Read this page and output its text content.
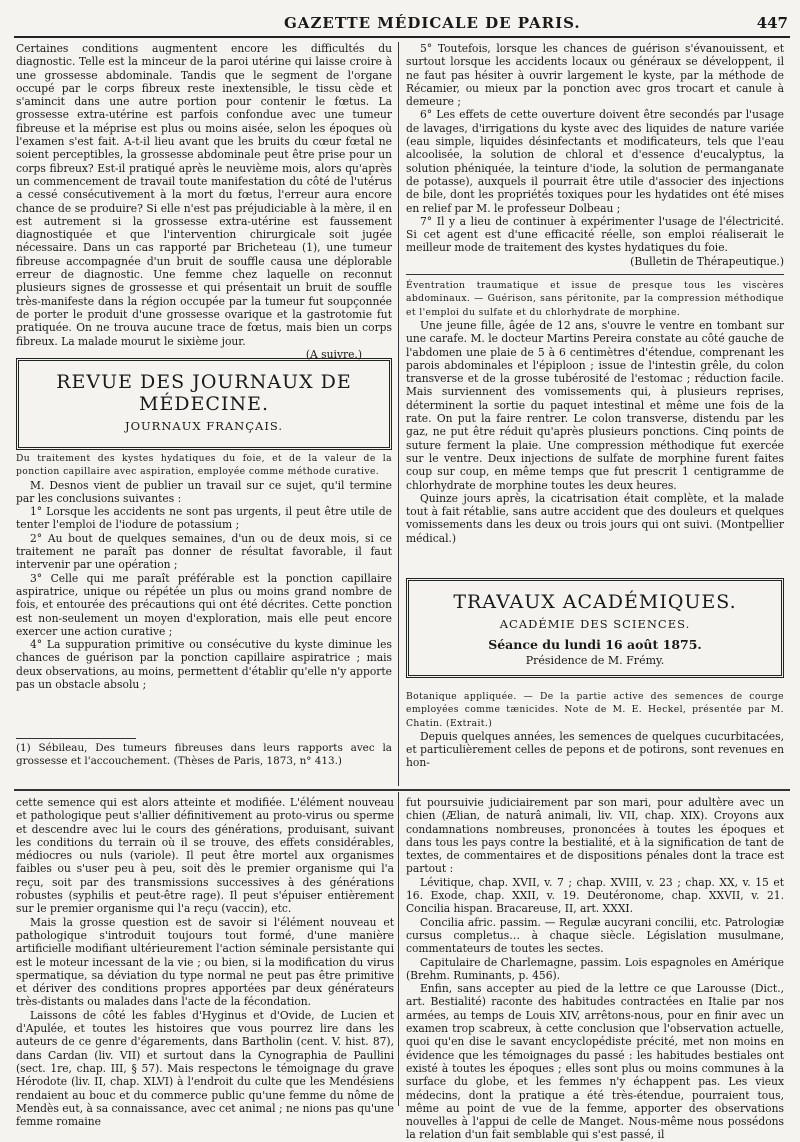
GAZETTE MÉDICALE DE PARIS.	447

Certaines conditions augmentent encore les difficultés du diagnostic. Telle est la minceur de la paroi utérine qui laisse croire à une grossesse abdominale. Tandis que le segment de l'organe occupé par le corps fibreux reste inextensible, le tissu cède et s'amincit dans une autre portion pour contenir le fœtus. La grossesse extra-utérine est parfois confondue avec une tumeur fibreuse et la méprise est plus ou moins aisée, selon les époques où l'examen s'est fait. A-t-il lieu avant que les bruits du cœur fœtal ne soient perceptibles, la grossesse abdominale peut être prise pour un corps fibreux? Est-il pratiqué après le neuvième mois, alors qu'après un commencement de travail toute manifestation du côté de l'utérus a cessé consécutivement à la mort du fœtus, l'erreur aura encore chance de se produire? Si elle n'est pas préjudiciable à la mère, il en est autrement si la grossesse extra-utérine est faussement diagnostiquée et que l'intervention chirurgicale soit jugée nécessaire. Dans un cas rapporté par Bricheteau (1), une tumeur fibreuse accompagnée d'un bruit de souffle causa une déplorable erreur de diagnostic. Une femme chez laquelle on reconnut plusieurs signes de grossesse et qui présentait un bruit de souffle très-manifeste dans la région occupée par la tumeur fut soupçonnée de porter le produit d'une grossesse ovarique et la gastrotomie fut pratiquée. On ne trouva aucune trace de fœtus, mais bien un corps fibreux. La malade mourut le sixième jour.

(A suivre.)

REVUE DES JOURNAUX DE MÉDECINE.
JOURNAUX FRANÇAIS.

Du traitement des kystes hydatiques du foie, et de la valeur de la ponction capillaire avec aspiration, employée comme méthode curative.

M. Desnos vient de publier un travail sur ce sujet, qu'il termine par les conclusions suivantes :

1° Lorsque les accidents ne sont pas urgents, il peut être utile de tenter l'emploi de l'iodure de potassium ;

2° Au bout de quelques semaines, d'un ou de deux mois, si ce traitement ne paraît pas donner de résultat favorable, il faut intervenir par une opération ;

3° Celle qui me paraît préférable est la ponction capillaire aspiratrice, unique ou répétée un plus ou moins grand nombre de fois, et entourée des précautions qui ont été décrites. Cette ponction est non-seulement un moyen d'exploration, mais elle peut encore exercer une action curative ;

4° La suppuration primitive ou consécutive du kyste diminue les chances de guérison par la ponction capillaire aspiratrice ; mais deux observations, au moins, permettent d'établir qu'elle n'y apporte pas un obstacle absolu ;

(1) Sébileau, Des tumeurs fibreuses dans leurs rapports avec la grossesse et l'accouchement. (Thèses de Paris, 1873, n° 413.)

5° Toutefois, lorsque les chances de guérison s'évanouissent, et surtout lorsque les accidents locaux ou généraux se développent, il ne faut pas hésiter à ouvrir largement le kyste, par la méthode de Récamier, ou mieux par la ponction avec gros trocart et canule à demeure ;

6° Les effets de cette ouverture doivent être secondés par l'usage de lavages, d'irrigations du kyste avec des liquides de nature variée (eau simple, liquides désinfectants et modificateurs, tels que l'eau alcoolisée, la solution de chloral et d'essence d'eucalyptus, la solution phéniquée, la teinture d'iode, la solution de permanganate de potasse), auxquels il pourrait être utile d'associer des injections de bile, dont les propriétés toxiques pour les hydatides ont été mises en relief par M. le professeur Dolbeau ;

7° Il y a lieu de continuer à expérimenter l'usage de l'électricité. Si cet agent est d'une efficacité réelle, son emploi réaliserait le meilleur mode de traitement des kystes hydatiques du foie.

(Bulletin de Thérapeutique.)

Éventration traumatique et issue de presque tous les viscères abdominaux. — Guérison, sans péritonite, par la compression méthodique et l'emploi du sulfate et du chlorhydrate de morphine.

Une jeune fille, âgée de 12 ans, s'ouvre le ventre en tombant sur une carafe. M. le docteur Martins Pereira constate au côté gauche de l'abdomen une plaie de 5 à 6 centimètres d'étendue, comprenant les parois abdominales et l'épiploon ; issue de l'intestin grêle, du colon transverse et de la grosse tubérosité de l'estomac ; réduction facile. Mais surviennent des vomissements qui, à plusieurs reprises, déterminent la sortie du paquet intestinal et même une fois de la rate. On put la faire rentrer. Le colon transverse, distendu par les gaz, ne put être réduit qu'après plusieurs ponctions. Cinq points de suture ferment la plaie. Une compression méthodique fut exercée sur le ventre. Deux injections de sulfate de morphine furent faites coup sur coup, en même temps que fut prescrit 1 centigramme de chlorhydrate de morphine toutes les deux heures.

Quinze jours après, la cicatrisation était complète, et la malade tout à fait rétablie, sans autre accident que des douleurs et quelques vomissements dans les deux ou trois jours qui ont suivi. (Montpellier médical.)

TRAVAUX ACADÉMIQUES.
ACADÉMIE DES SCIENCES.
Séance du lundi 16 août 1875.
Présidence de M. Frémy.

Botanique appliquée. — De la partie active des semences de courge employées comme tænicides. Note de M. E. Heckel, présentée par M. Chatin. (Extrait.)

Depuis quelques années, les semences de quelques cucurbitacées, et particulièrement celles de pepons et de potirons, sont revenues en hon-

cette semence qui est alors atteinte et modifiée. L'élément nouveau et pathologique peut s'allier définitivement au proto-virus ou sperme et descendre avec lui le cours des générations, produisant, suivant les conditions du terrain où il se trouve, des effets considérables, médiocres ou nuls (variole). Il peut être mortel aux organismes faibles ou s'user peu à peu, soit dès le premier organisme qui l'a reçu, soit par des transmissions successives à des générations robustes (syphilis et peut-être rage). Il peut s'épuiser entièrement sur le premier organisme qui l'a reçu (vaccin), etc.

Mais la grosse question est de savoir si l'élément nouveau et pathologique s'introduit toujours tout formé, d'une manière artificielle modifiant ultérieurement l'action séminale persistante qui est le moteur incessant de la vie ; ou bien, si la modification du virus spermatique, sa déviation du type normal ne peut pas être primitive et dériver des conditions propres apportées par deux générateurs très-distants ou malades dans l'acte de la fécondation.

Laissons de côté les fables d'Hyginus et d'Ovide, de Lucien et d'Apulée, et toutes les histoires que vous pourrez lire dans les auteurs de ce genre d'égarements, dans Bartholin (cent. V. hist. 87), dans Cardan (liv. VII) et surtout dans la Cynographia de Paullini (sect. 1re, chap. III, § 57). Mais respectons le témoignage du grave Hérodote (liv. II, chap. XLVI) à l'endroit du culte que les Mendésiens rendaient au bouc et du commerce public qu'une femme du nôme de Mendès eut, à sa connaissance, avec cet animal ; ne nions pas qu'une femme romaine

fut poursuivie judiciairement par son mari, pour adultère avec un chien (Ælian, de naturâ animali, liv. VII, chap. XIX). Croyons aux condamnations nombreuses, prononcées à toutes les époques et dans tous les pays contre la bestialité, et à la signification de tant de textes, de commentaires et de dispositions pénales dont la trace est partout :

Lévitique, chap. XVII, v. 7 ; chap. XVIII, v. 23 ; chap. XX, v. 15 et 16. Exode, chap. XXII, v. 19. Deutéronome, chap. XXVII, v. 21. Concilia hispan. Bracareuse, II, art. XXXI.

Concilia afric. passim. — Regulæ aucyrani concilii, etc. Patrologiæ cursus completus… à chaque siècle. Législation musulmane, commentateurs de toutes les sectes.

Capitulaire de Charlemagne, passim. Lois espagnoles en Amérique (Brehm. Ruminants, p. 456).

Enfin, sans accepter au pied de la lettre ce que Larousse (Dict., art. Bestialité) raconte des habitudes contractées en Italie par nos armées, au temps de Louis XIV, arrêtons-nous, pour en finir avec un examen trop scabreux, à cette conclusion que l'observation actuelle, quoi qu'en dise le savant encyclopédiste précité, met non moins en évidence que les témoignages du passé : les habitudes bestiales ont existé à toutes les époques ; elles sont plus ou moins communes à la surface du globe, et les femmes n'y échappent pas. Les vieux médecins, dont la pratique a été très-étendue, pourraient tous, même au point de vue de la femme, apporter des observations nouvelles à l'appui de celle de Manget. Nous-même nous possédons la relation d'un fait semblable qui s'est passé, il
